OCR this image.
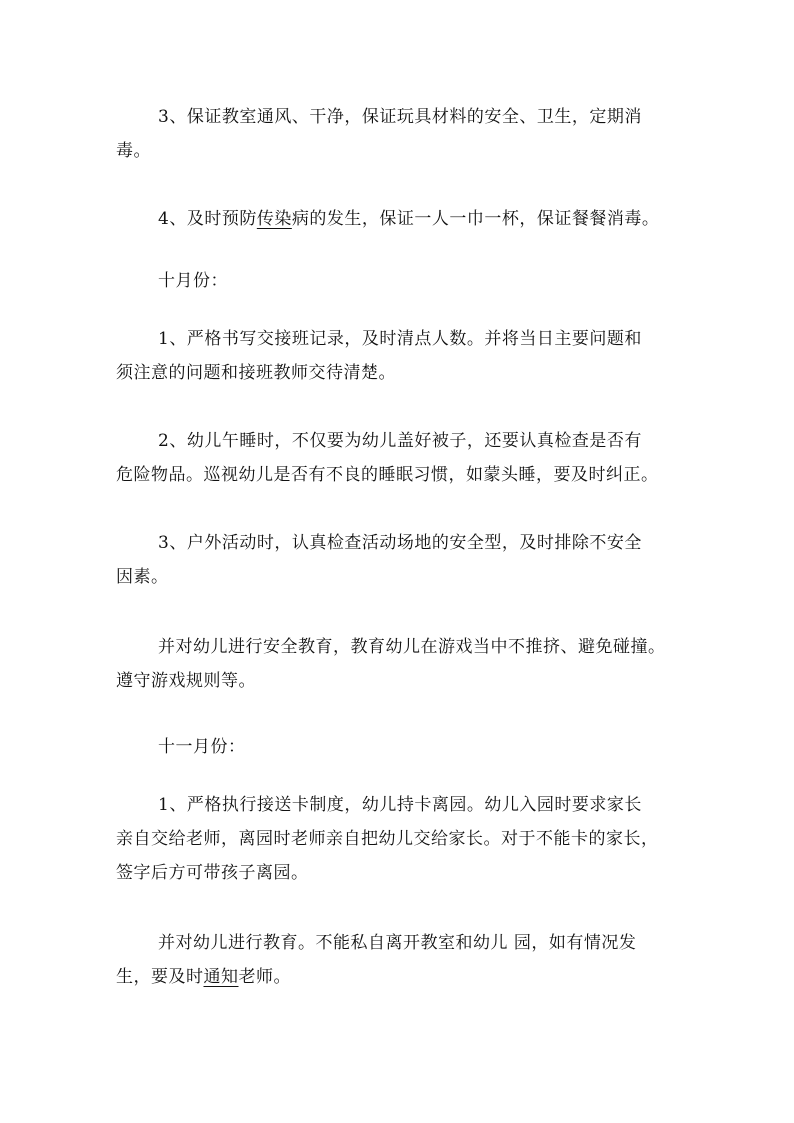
3、保证教室通风、干净，保证玩具材料的安全、卫生，定期消
毒。

4、及时预防传染病的发生，保证一人一巾一杯，保证餐餐消毒。

十月份：

1、严格书写交接班记录，及时清点人数。并将当日主要问题和
须注意的问题和接班教师交待清楚。

2、幼儿午睡时，不仅要为幼儿盖好被子，还要认真检查是否有
危险物品。巡视幼儿是否有不良的睡眠习惯，如蒙头睡，要及时纠正。

3、户外活动时，认真检查活动场地的安全型，及时排除不安全
因素。

并对幼儿进行安全教育，教育幼儿在游戏当中不推挤、避免碰撞。
遵守游戏规则等。

十一月份：

1、严格执行接送卡制度，幼儿持卡离园。幼儿入园时要求家长
亲自交给老师，离园时老师亲自把幼儿交给家长。对于不能卡的家长，
签字后方可带孩子离园。

并对幼儿进行教育。不能私自离开教室和幼儿 园，如有情况发
生，要及时通知老师。
